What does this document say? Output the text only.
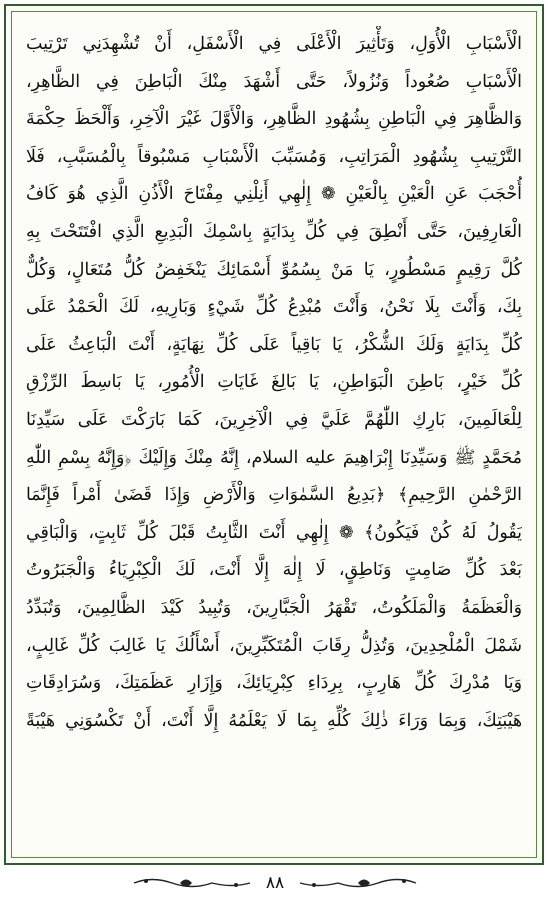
الْأَسْبَابِ الْأُوَلِ، وَتَأْثِيرَ الْأَعْلَى فِي الْأَسْفَلِ، أَنْ تُشْهِدَنِي تَرْتِيبَ
الْأَسْبَابِ صُعُوداً وَنُزُولاً، حَتَّى أَشْهَدَ مِنْكَ الْبَاطِنَ فِي الظَّاهِرِ،
وَالظَّاهِرَ فِي الْبَاطِنِ بِشُهُودِ الظَّاهِرِ، وَالْأَوَّلَ غَيْرَ الْآخِرِ، وَأَلْحَظَ حِكْمَةَ
التَّرْتِيبِ بِشُهُودِ الْمَرَاتِبِ، وَمُسَبِّبَ الْأَسْبَابِ مَسْبُوقاً بِالْمُسَبَّبِ، فَلَا
أُحْجَبَ عَنِ الْعَيْنِ بِالْعَيْنِ ❁ إِلٰهِي أَنِلْنِي مِفْتَاحَ الْأَذُنِ الَّذِي هُوَ كَافُ
الْعَارِفِينَ، حَتَّى أَنْطِقَ فِي كُلِّ بِدَايَةٍ بِاسْمِكَ الْبَدِيعِ الَّذِي افْتَتَحْتَ بِهِ
كُلَّ رَقِيمٍ مَسْطُورٍ، يَا مَنْ بِسُمُوِّ أَسْمَائِكَ يَنْخَفِضُ كُلُّ مُتَعَالٍ، وَكُلٌّ
بِكَ، وَأَنْتَ بِلَا نَحْنُ، وَأَنْتَ مُبْدِعُ كُلِّ شَيْءٍ وَبَارِيهِ، لَكَ الْحَمْدُ عَلَى
كُلِّ بِدَايَةٍ وَلَكَ الشُّكْرُ، يَا بَاقِياً عَلَى كُلِّ نِهَايَةٍ، أَنْتَ الْبَاعِثُ عَلَى
كُلِّ خَيْرٍ، بَاطِنَ الْبَوَاطِنِ، يَا بَالِغَ غَايَاتِ الْأُمُورِ، يَا بَاسِطَ الرِّزْقِ
لِلْعَالَمِينَ، بَارِكِ اللّٰهُمَّ عَلَيَّ فِي الْآخِرِينَ، كَمَا بَارَكْتَ عَلَى سَيِّدِنَا
مُحَمَّدٍ ﷺ وَسَيِّدِنَا إِبْرَاهِيمَ عليه السلام، إِنَّهُ مِنْكَ وَإِلَيْكَ ﴿وَإِنَّهُ بِسْمِ اللّٰهِ
الرَّحْمٰنِ الرَّحِيمِ﴾ ﴿بَدِيعُ السَّمٰوَاتِ وَالْأَرْضِ وَإِذَا قَضَىٰ أَمْراً فَإِنَّمَا
يَقُولُ لَهُ كُنْ فَيَكُونُ﴾ ❁ إِلٰهِي أَنْتَ الثَّابِتُ قَبْلَ كُلِّ ثَابِتٍ، وَالْبَاقِي
بَعْدَ كُلِّ صَامِتٍ وَنَاطِقٍ، لَا إِلٰهَ إِلَّا أَنْتَ، لَكَ الْكِبْرِيَاءُ وَالْجَبَرُوتُ
وَالْعَظَمَةُ وَالْمَلَكُوتُ، تَقْهَرُ الْجَبَّارِينَ، وَتُبِيدُ كَيْدَ الظَّالِمِينَ، وَتُبَدِّدُ
شَمْلَ الْمُلْحِدِينَ، وَتُذِلُّ رِقَابَ الْمُتَكَبِّرِينَ، أَسْأَلُكَ يَا غَالِبَ كُلِّ غَالِبٍ،
وَيَا مُدْرِكَ كُلِّ هَارِبٍ، بِرِدَاءِ كِبْرِيَائِكَ، وَإِزَارِ عَظَمَتِكَ، وَسُرَادِقَاتِ
هَيْبَتِكَ، وَبِمَا وَرَاءَ ذٰلِكَ كُلِّهِ بِمَا لَا يَعْلَمُهُ إِلَّا أَنْتَ، أَنْ تَكْسُوَنِي هَيْبَةً
٨٨
